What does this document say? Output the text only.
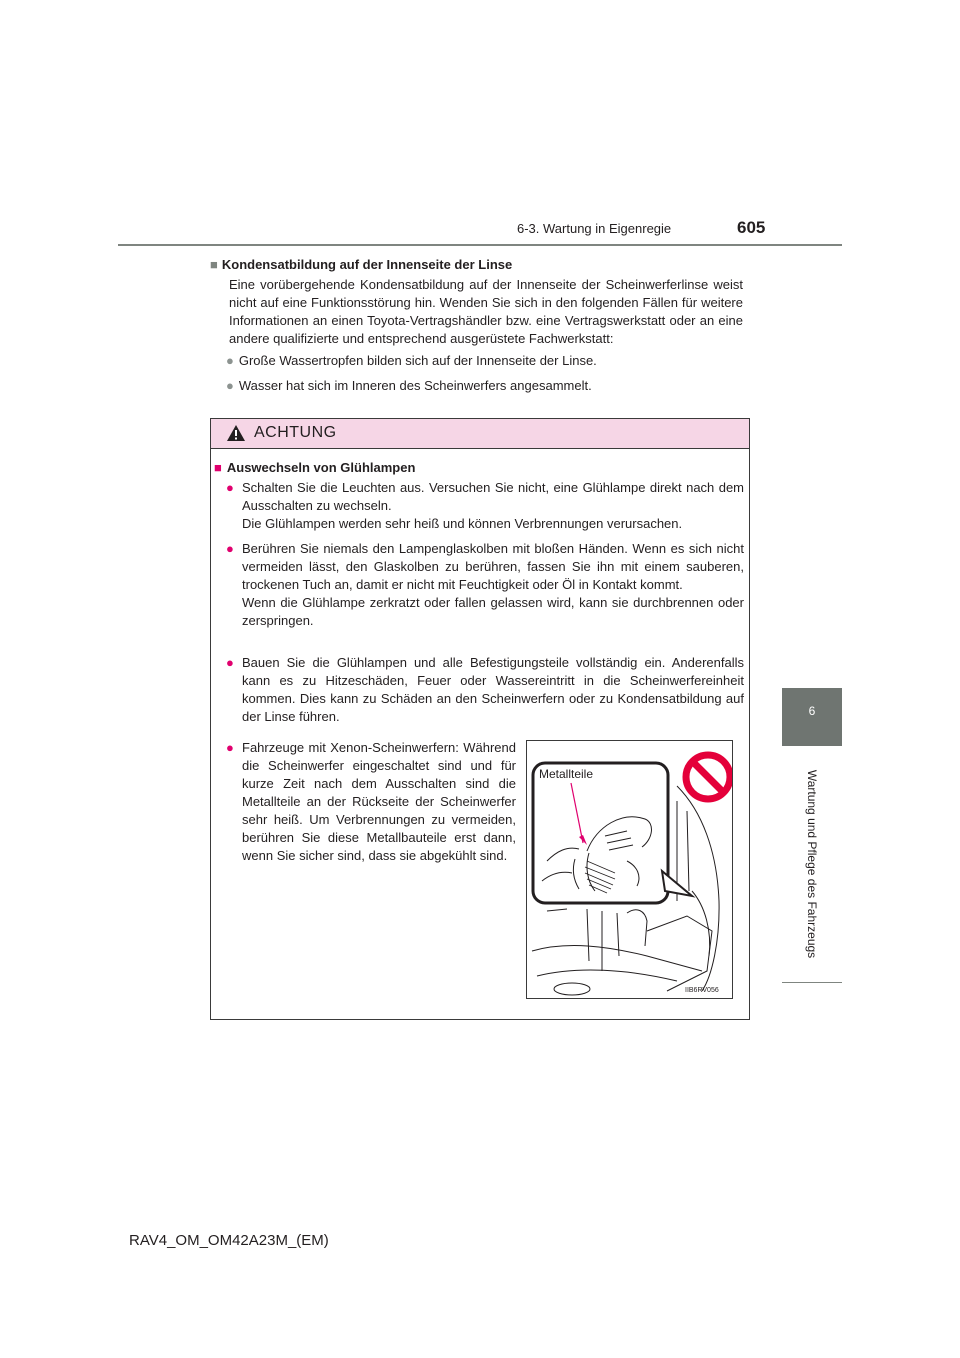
6-3. Wartung in Eigenregie	605
6
Wartung und Pflege des Fahrzeugs
■ Kondensatbildung auf der Innenseite der Linse
Eine vorübergehende Kondensatbildung auf der Innenseite der Scheinwerferlinse weist nicht auf eine Funktionsstörung hin. Wenden Sie sich in den folgenden Fällen für weitere Informationen an einen Toyota-Vertragshändler bzw. eine Vertragswerkstatt oder an eine andere qualifizierte und entsprechend ausgerüstete Fachwerkstatt:
● Große Wassertropfen bilden sich auf der Innenseite der Linse.
● Wasser hat sich im Inneren des Scheinwerfers angesammelt.
ACHTUNG
■ Auswechseln von Glühlampen
● Schalten Sie die Leuchten aus. Versuchen Sie nicht, eine Glühlampe direkt nach dem Ausschalten zu wechseln.

Die Glühlampen werden sehr heiß und können Verbrennungen verursachen.

● Berühren Sie niemals den Lampenglaskolben mit bloßen Händen. Wenn es sich nicht vermeiden lässt, den Glaskolben zu berühren, fassen Sie ihn mit einem sauberen, trockenen Tuch an, damit er nicht mit Feuchtigkeit oder Öl in Kontakt kommt.

Wenn die Glühlampe zerkratzt oder fallen gelassen wird, kann sie durchbrennen oder zerspringen.

● Bauen Sie die Glühlampen und alle Befestigungsteile vollständig ein. Anderenfalls kann es zu Hitzeschäden, Feuer oder Wassereintritt in die Scheinwerfereinheit kommen. Dies kann zu Schäden an den Scheinwerfern oder zu Kondensatbildung auf der Linse führen.

● Fahrzeuge mit Xenon-Scheinwerfern: Während die Scheinwerfer eingeschaltet sind und für kurze Zeit nach dem Ausschalten sind die Metallteile an der Rückseite der Scheinwerfer sehr heiß. Um Verbrennungen zu vermeiden, berühren Sie diese Metallbauteile erst dann, wenn Sie sicher sind, dass sie abgekühlt sind.

Metallteile
IIB6RV056
RAV4_OM_OM42A23M_(EM)
